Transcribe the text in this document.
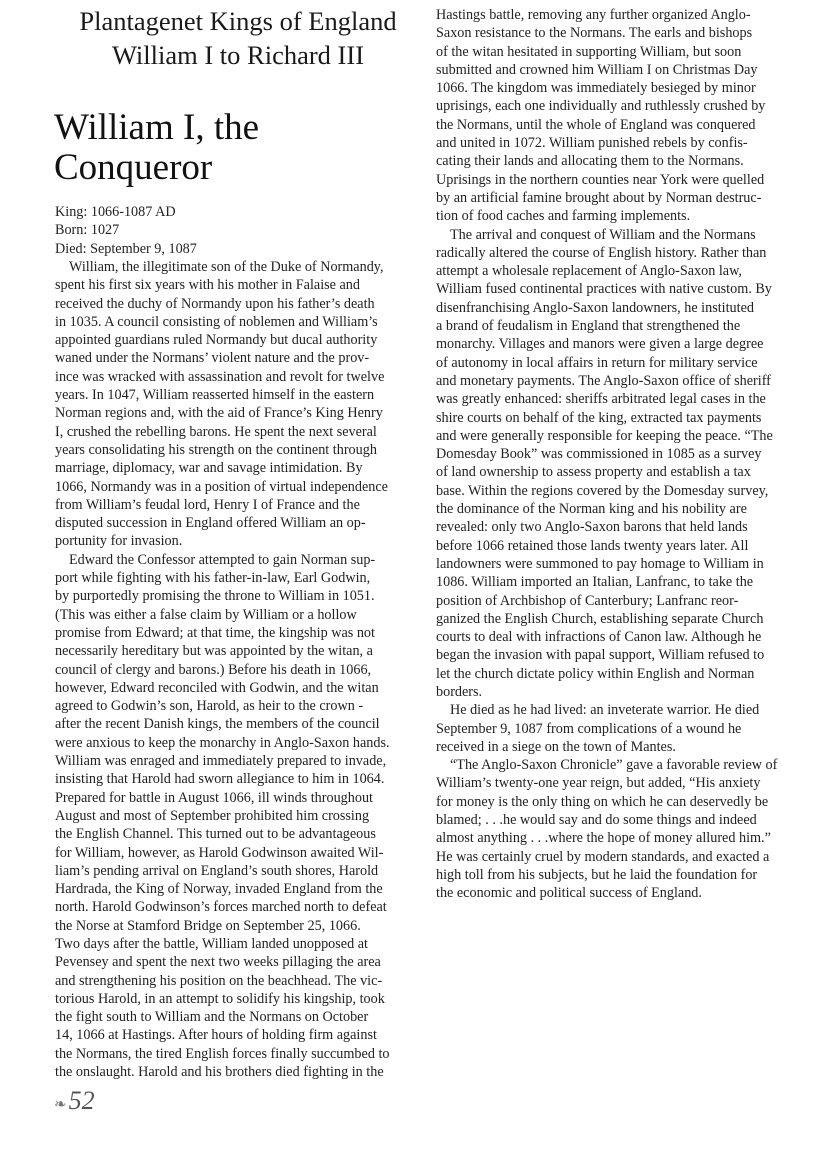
Plantagenet Kings of England
William I to Richard III
William I, the
Conqueror
King: 1066-1087 AD
Born: 1027
Died: September 9, 1087
William, the illegitimate son of the Duke of Normandy,
spent his first six years with his mother in Falaise and
received the duchy of Normandy upon his father’s death
in 1035. A council consisting of noblemen and William’s
appointed guardians ruled Normandy but ducal authority
waned under the Normans’ violent nature and the prov-
ince was wracked with assassination and revolt for twelve
years. In 1047, William reasserted himself in the eastern
Norman regions and, with the aid of France’s King Henry
I, crushed the rebelling barons. He spent the next several
years consolidating his strength on the continent through
marriage, diplomacy, war and savage intimidation. By
1066, Normandy was in a position of virtual independence
from William’s feudal lord, Henry I of France and the
disputed succession in England offered William an op-
portunity for invasion.
Edward the Confessor attempted to gain Norman sup-
port while fighting with his father-in-law, Earl Godwin,
by purportedly promising the throne to William in 1051.
(This was either a false claim by William or a hollow
promise from Edward; at that time, the kingship was not
necessarily hereditary but was appointed by the witan, a
council of clergy and barons.) Before his death in 1066,
however, Edward reconciled with Godwin, and the witan
agreed to Godwin’s son, Harold, as heir to the crown -
after the recent Danish kings, the members of the council
were anxious to keep the monarchy in Anglo-Saxon hands.
William was enraged and immediately prepared to invade,
insisting that Harold had sworn allegiance to him in 1064.
Prepared for battle in August 1066, ill winds throughout
August and most of September prohibited him crossing
the English Channel. This turned out to be advantageous
for William, however, as Harold Godwinson awaited Wil-
liam’s pending arrival on England’s south shores, Harold
Hardrada, the King of Norway, invaded England from the
north. Harold Godwinson’s forces marched north to defeat
the Norse at Stamford Bridge on September 25, 1066.
Two days after the battle, William landed unopposed at
Pevensey and spent the next two weeks pillaging the area
and strengthening his position on the beachhead. The vic-
torious Harold, in an attempt to solidify his kingship, took
the fight south to William and the Normans on October
14, 1066 at Hastings. After hours of holding firm against
the Normans, the tired English forces finally succumbed to
the onslaught. Harold and his brothers died fighting in the
Hastings battle, removing any further organized Anglo-
Saxon resistance to the Normans. The earls and bishops
of the witan hesitated in supporting William, but soon
submitted and crowned him William I on Christmas Day
1066. The kingdom was immediately besieged by minor
uprisings, each one individually and ruthlessly crushed by
the Normans, until the whole of England was conquered
and united in 1072. William punished rebels by confis-
cating their lands and allocating them to the Normans.
Uprisings in the northern counties near York were quelled
by an artificial famine brought about by Norman destruc-
tion of food caches and farming implements.
The arrival and conquest of William and the Normans
radically altered the course of English history. Rather than
attempt a wholesale replacement of Anglo-Saxon law,
William fused continental practices with native custom. By
disenfranchising Anglo-Saxon landowners, he instituted
a brand of feudalism in England that strengthened the
monarchy. Villages and manors were given a large degree
of autonomy in local affairs in return for military service
and monetary payments. The Anglo-Saxon office of sheriff
was greatly enhanced: sheriffs arbitrated legal cases in the
shire courts on behalf of the king, extracted tax payments
and were generally responsible for keeping the peace. “The
Domesday Book” was commissioned in 1085 as a survey
of land ownership to assess property and establish a tax
base. Within the regions covered by the Domesday survey,
the dominance of the Norman king and his nobility are
revealed: only two Anglo-Saxon barons that held lands
before 1066 retained those lands twenty years later. All
landowners were summoned to pay homage to William in
1086. William imported an Italian, Lanfranc, to take the
position of Archbishop of Canterbury; Lanfranc reor-
ganized the English Church, establishing separate Church
courts to deal with infractions of Canon law. Although he
began the invasion with papal support, William refused to
let the church dictate policy within English and Norman
borders.
He died as he had lived: an inveterate warrior. He died
September 9, 1087 from complications of a wound he
received in a siege on the town of Mantes.
“The Anglo-Saxon Chronicle” gave a favorable review of
William’s twenty-one year reign, but added, “His anxiety
for money is the only thing on which he can deservedly be
blamed; . . .he would say and do some things and indeed
almost anything . . .where the hope of money allured him.”
He was certainly cruel by modern standards, and exacted a
high toll from his subjects, but he laid the foundation for
the economic and political success of England.
❧52
